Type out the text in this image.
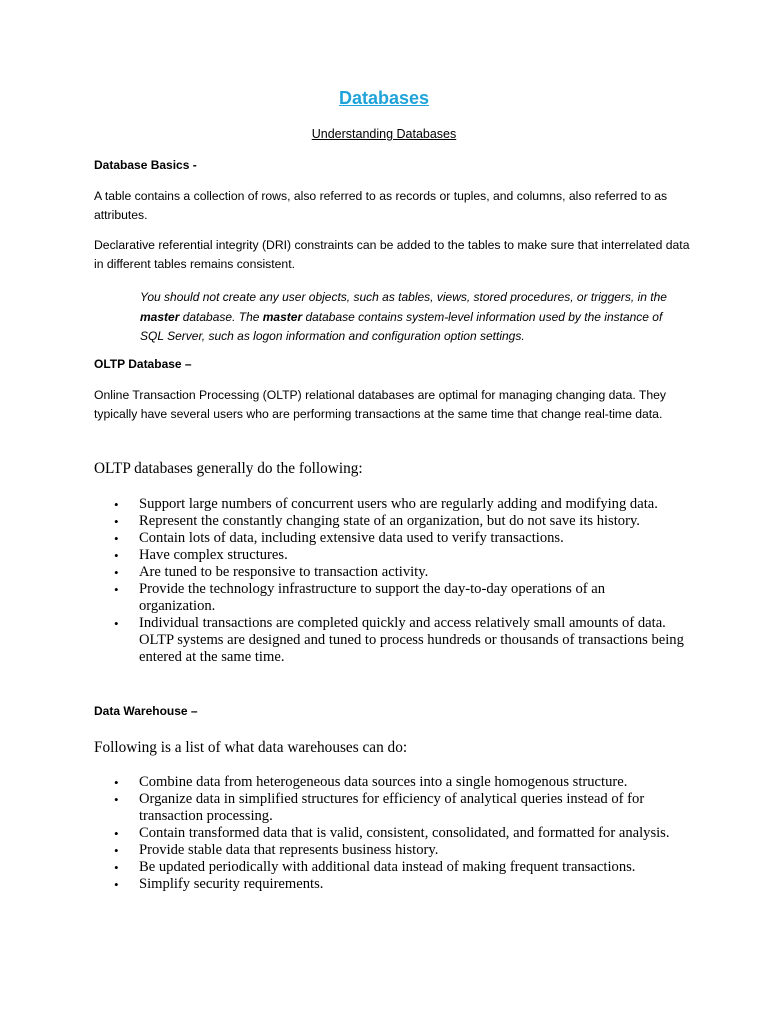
Databases
Understanding Databases
Database Basics -
A table contains a collection of rows, also referred to as records or tuples, and columns, also referred to as attributes.
Declarative referential integrity (DRI) constraints can be added to the tables to make sure that interrelated data in different tables remains consistent.
You should not create any user objects, such as tables, views, stored procedures, or triggers, in the master database. The master database contains system-level information used by the instance of SQL Server, such as logon information and configuration option settings.
OLTP Database –
Online Transaction Processing (OLTP) relational databases are optimal for managing changing data. They typically have several users who are performing transactions at the same time that change real-time data.
OLTP databases generally do the following:
• Support large numbers of concurrent users who are regularly adding and modifying data.
• Represent the constantly changing state of an organization, but do not save its history.
• Contain lots of data, including extensive data used to verify transactions.
• Have complex structures.
• Are tuned to be responsive to transaction activity.
• Provide the technology infrastructure to support the day-to-day operations of an organization.
• Individual transactions are completed quickly and access relatively small amounts of data. OLTP systems are designed and tuned to process hundreds or thousands of transactions being entered at the same time.
Data Warehouse –
Following is a list of what data warehouses can do:
• Combine data from heterogeneous data sources into a single homogenous structure.
• Organize data in simplified structures for efficiency of analytical queries instead of for transaction processing.
• Contain transformed data that is valid, consistent, consolidated, and formatted for analysis.
• Provide stable data that represents business history.
• Be updated periodically with additional data instead of making frequent transactions.
• Simplify security requirements.
